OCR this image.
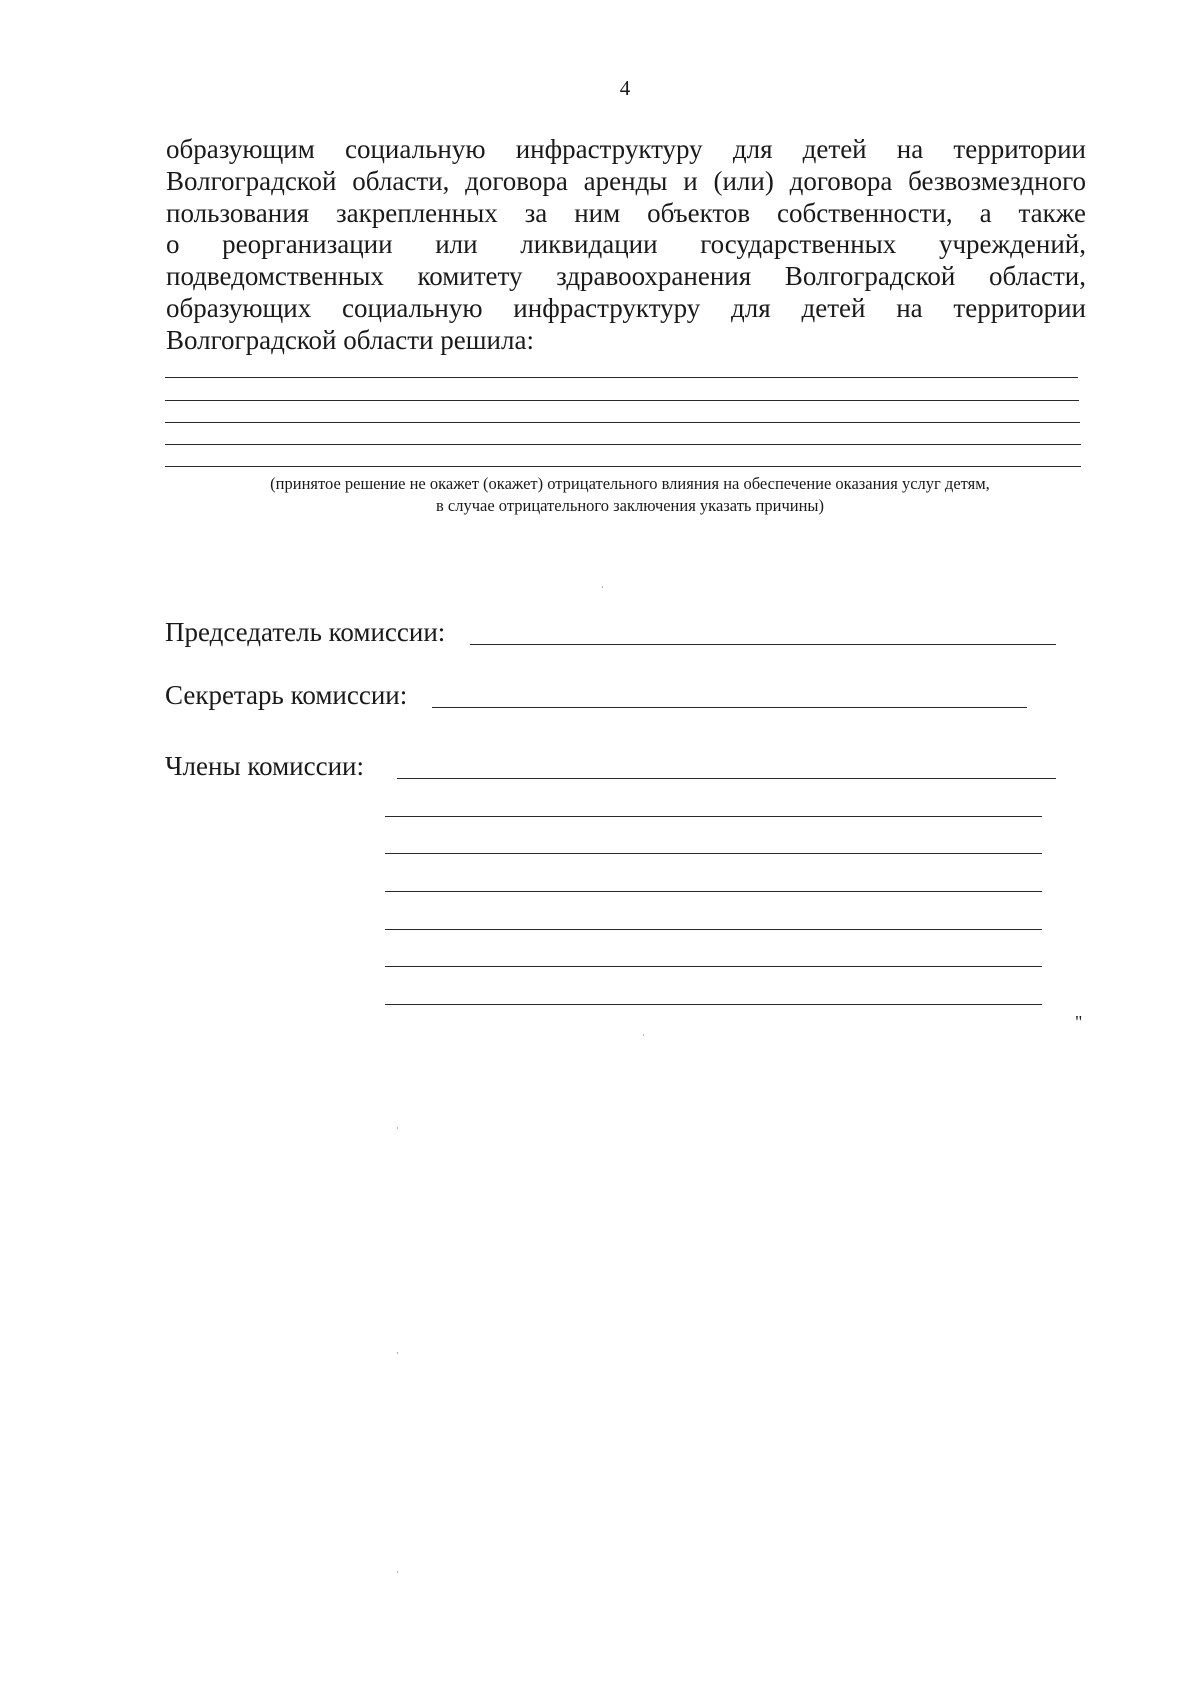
4
образующим социальную инфраструктуру для детей на территории
Волгоградской области, договора аренды и (или) договора безвозмездного
пользования закрепленных за ним объектов собственности, а также
о реорганизации или ликвидации государственных учреждений,
подведомственных комитету здравоохранения Волгоградской области,
образующих социальную инфраструктуру для детей на территории
Волгоградской области решила:
(принятое решение не окажет (окажет) отрицательного влияния на обеспечение оказания услуг детям,
в случае отрицательного заключения указать причины)
Председатель комиссии:
Секретарь комиссии:
Члены комиссии:
"
